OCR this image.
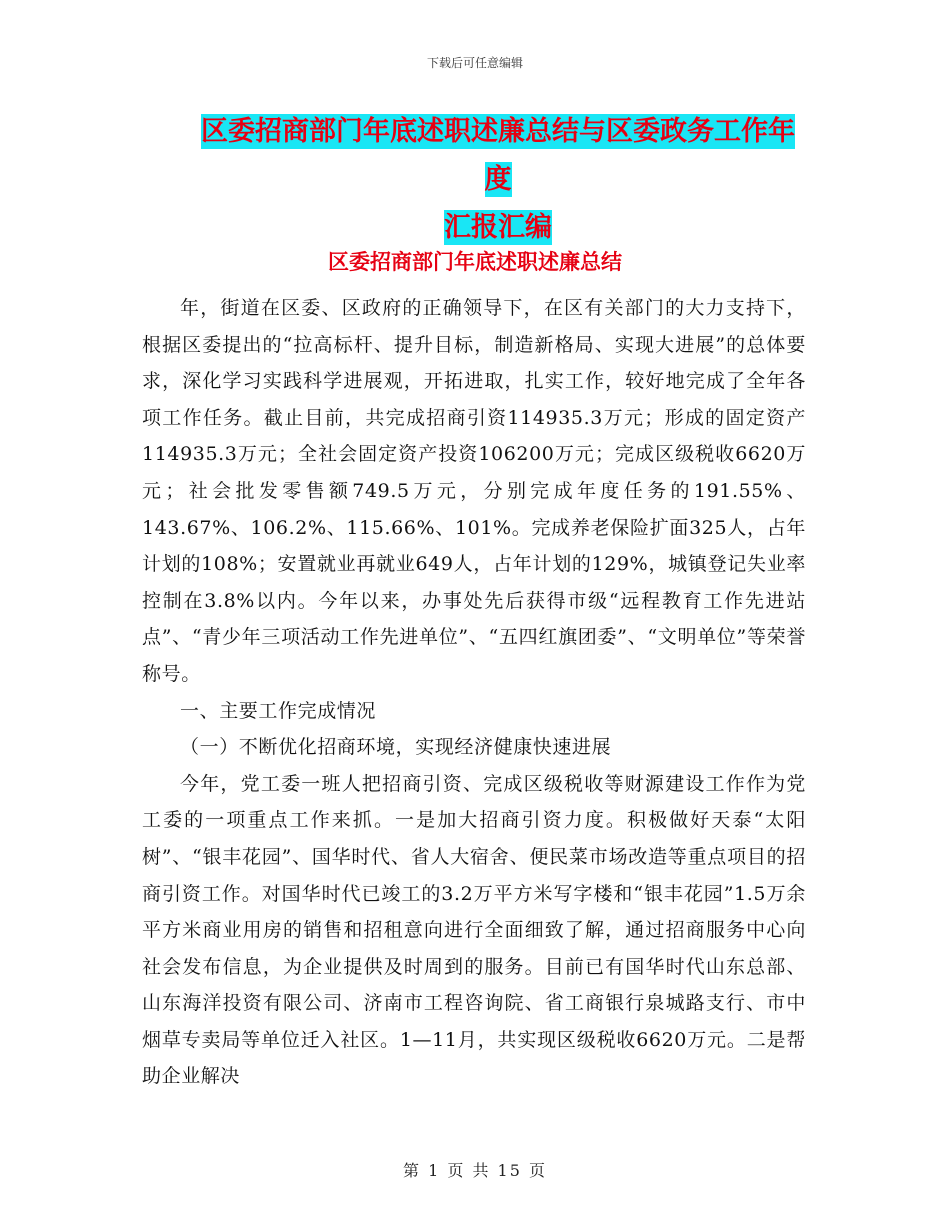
下载后可任意编辑
区委招商部门年底述职述廉总结与区委政务工作年度
汇报汇编
区委招商部门年底述职述廉总结

年，街道在区委、区政府的正确领导下，在区有关部门的大力支持下，根据区委提出的“拉高标杆、提升目标，制造新格局、实现大进展”的总体要求，深化学习实践科学进展观，开拓进取，扎实工作，较好地完成了全年各项工作任务。截止目前，共完成招商引资114935.3万元；形成的固定资产114935.3万元；全社会固定资产投资106200万元；完成区级税收6620万元；社会批发零售额749.5万元，分别完成年度任务的191.55%、143.67%、106.2%、115.66%、101%。完成养老保险扩面325人，占年计划的108%；安置就业再就业649人，占年计划的129%，城镇登记失业率控制在3.8%以内。今年以来，办事处先后获得市级“远程教育工作先进站点”、“青少年三项活动工作先进单位”、“五四红旗团委”、“文明单位”等荣誉称号。

一、主要工作完成情况

（一）不断优化招商环境，实现经济健康快速进展

今年，党工委一班人把招商引资、完成区级税收等财源建设工作作为党工委的一项重点工作来抓。一是加大招商引资力度。积极做好天泰“太阳树”、“银丰花园”、国华时代、省人大宿舍、便民菜市场改造等重点项目的招商引资工作。对国华时代已竣工的3.2万平方米写字楼和“银丰花园”1.5万余平方米商业用房的销售和招租意向进行全面细致了解，通过招商服务中心向社会发布信息，为企业提供及时周到的服务。目前已有国华时代山东总部、山东海洋投资有限公司、济南市工程咨询院、省工商银行泉城路支行、市中烟草专卖局等单位迁入社区。1—11月，共实现区级税收6620万元。二是帮助企业解决

第 1 页 共 15 页
